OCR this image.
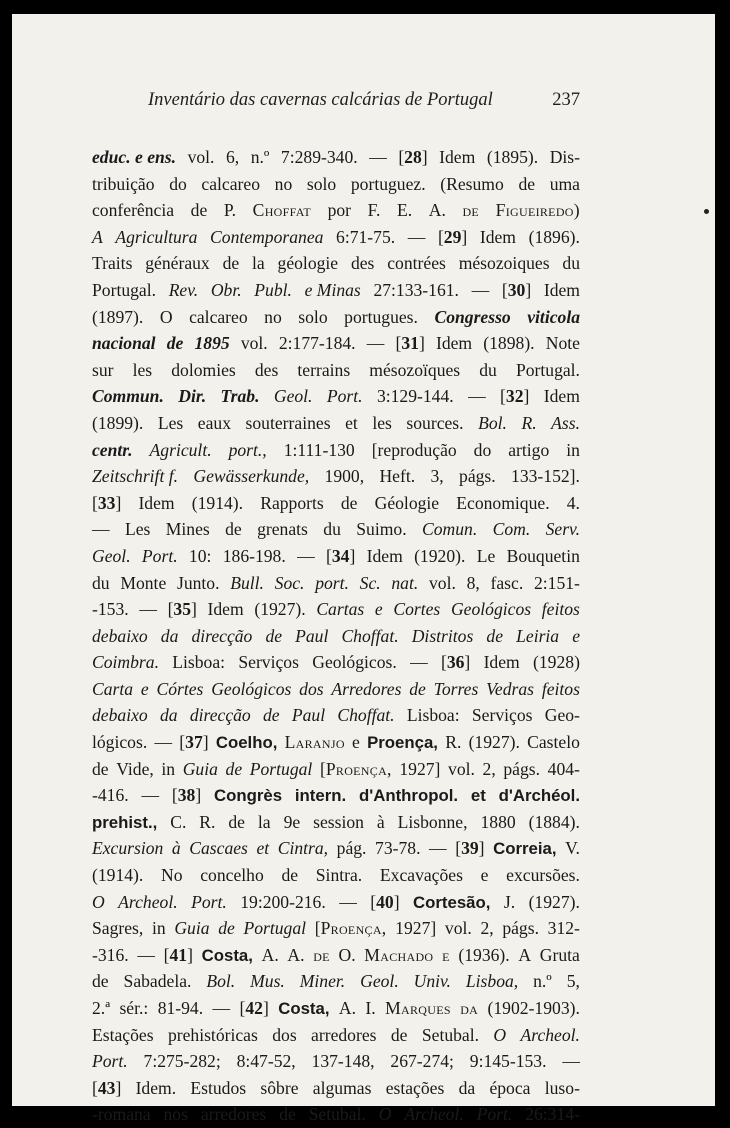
Inventário das cavernas calcárias de Portugal	237
educ. e ens. vol. 6, n.º 7:289-340. — [28] Idem (1895). Dis-
tribuição do calcareo no solo portuguez. (Resumo de uma
conferência de P. Choffat por F. E. A. de Figueiredo)
A Agricultura Contemporanea 6:71-75. — [29] Idem (1896).
Traits généraux de la géologie des contrées mésozoiques du
Portugal. Rev. Obr. Publ. e Minas 27:133-161. — [30] Idem
(1897). O calcareo no solo portugues. Congresso viticola
nacional de 1895 vol. 2:177-184. — [31] Idem (1898). Note
sur les dolomies des terrains mésozoïques du Portugal.
Commun. Dir. Trab. Geol. Port. 3:129-144. — [32] Idem
(1899). Les eaux souterraines et les sources. Bol. R. Ass.
centr. Agricult. port., 1:111-130 [reprodução do artigo in
Zeitschrift f. Gewässerkunde, 1900, Heft. 3, págs. 133-152].
[33] Idem (1914). Rapports de Géologie Economique. 4.
— Les Mines de grenats du Suimo. Comun. Com. Serv.
Geol. Port. 10: 186-198. — [34] Idem (1920). Le Bouquetin
du Monte Junto. Bull. Soc. port. Sc. nat. vol. 8, fasc. 2:151-
-153. — [35] Idem (1927). Cartas e Cortes Geológicos feitos
debaixo da direcção de Paul Choffat. Distritos de Leiria e
Coimbra. Lisboa: Serviços Geológicos. — [36] Idem (1928)
Carta e Córtes Geológicos dos Arredores de Torres Vedras feitos
debaixo da direcção de Paul Choffat. Lisboa: Serviços Geo-
lógicos. — [37] Coelho, Laranjo e Proença, R. (1927). Castelo
de Vide, in Guia de Portugal [Proença, 1927] vol. 2, págs. 404-
-416. — [38] Congrès intern. d'Anthropol. et d'Archéol.
prehist., C. R. de la 9e session à Lisbonne, 1880 (1884).
Excursion à Cascaes et Cintra, pág. 73-78. — [39] Correia, V.
(1914). No concelho de Sintra. Excavações e excursões.
O Archeol. Port. 19:200-216. — [40] Cortesão, J. (1927).
Sagres, in Guia de Portugal [Proença, 1927] vol. 2, págs. 312-
-316. — [41] Costa, A. A. de O. Machado e (1936). A Gruta
de Sabadela. Bol. Mus. Miner. Geol. Univ. Lisboa, n.º 5,
2.ª sér.: 81-94. — [42] Costa, A. I. Marques da (1902-1903).
Estações prehistóricas dos arredores de Setubal. O Archeol.
Port. 7:275-282; 8:47-52, 137-148, 267-274; 9:145-153. —
[43] Idem. Estudos sôbre algumas estações da época luso-
-romana nos arredores de Setubal. O Archeol. Port. 26:314-
